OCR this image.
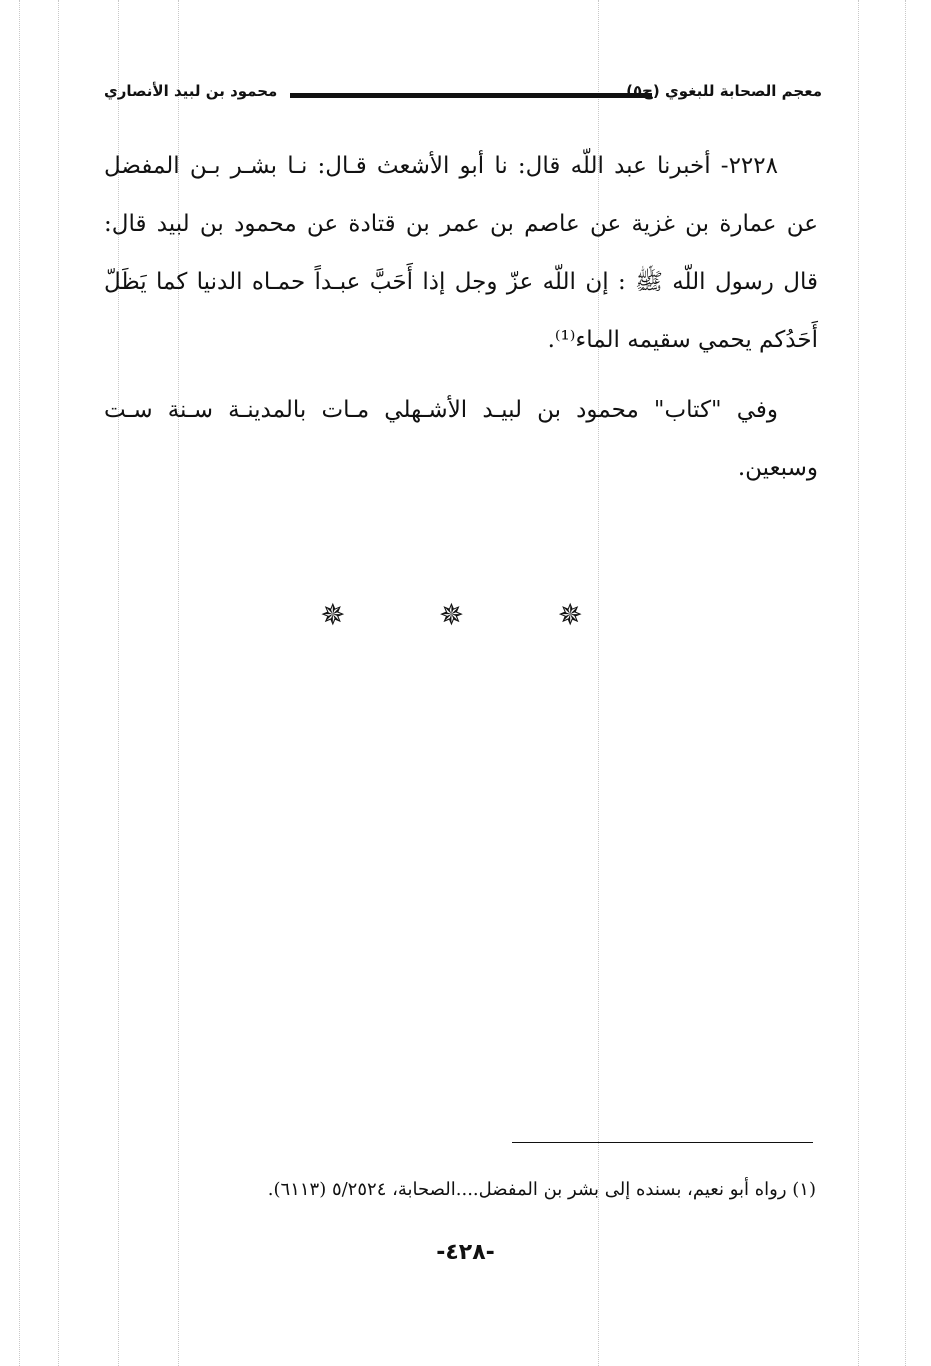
محمود بن لبيد الأنصاري	معجم الصحابة للبغوي (ج٥)

٢٢٢٨- أخبرنا عبد اللّه قال: نا أبو الأشعث قـال: نـا بشـر بـن المفضل عن عمارة بن غزية عن عاصم بن عمر بن قتادة عن محمود بن لبيد قال: قال رسول اللّه ﷺ : إن اللّه عزّ وجل إذا أَحَبَّ عبـداً حمـاه الدنيا كما يَظَلّ أَحَدُكم يحمي سقيمه الماء⁽¹⁾.

وفي "كتاب" محمود بن لبيـد الأشـهلي مـات بالمدينـة سـنة سـت وسبعين.

✵ ✵ ✵
(١) رواه أبو نعيم، بسنده إلى بشر بن المفضل....الصحابة، ٥/٢٥٢٤ (٦١١٣).
-٤٢٨-
